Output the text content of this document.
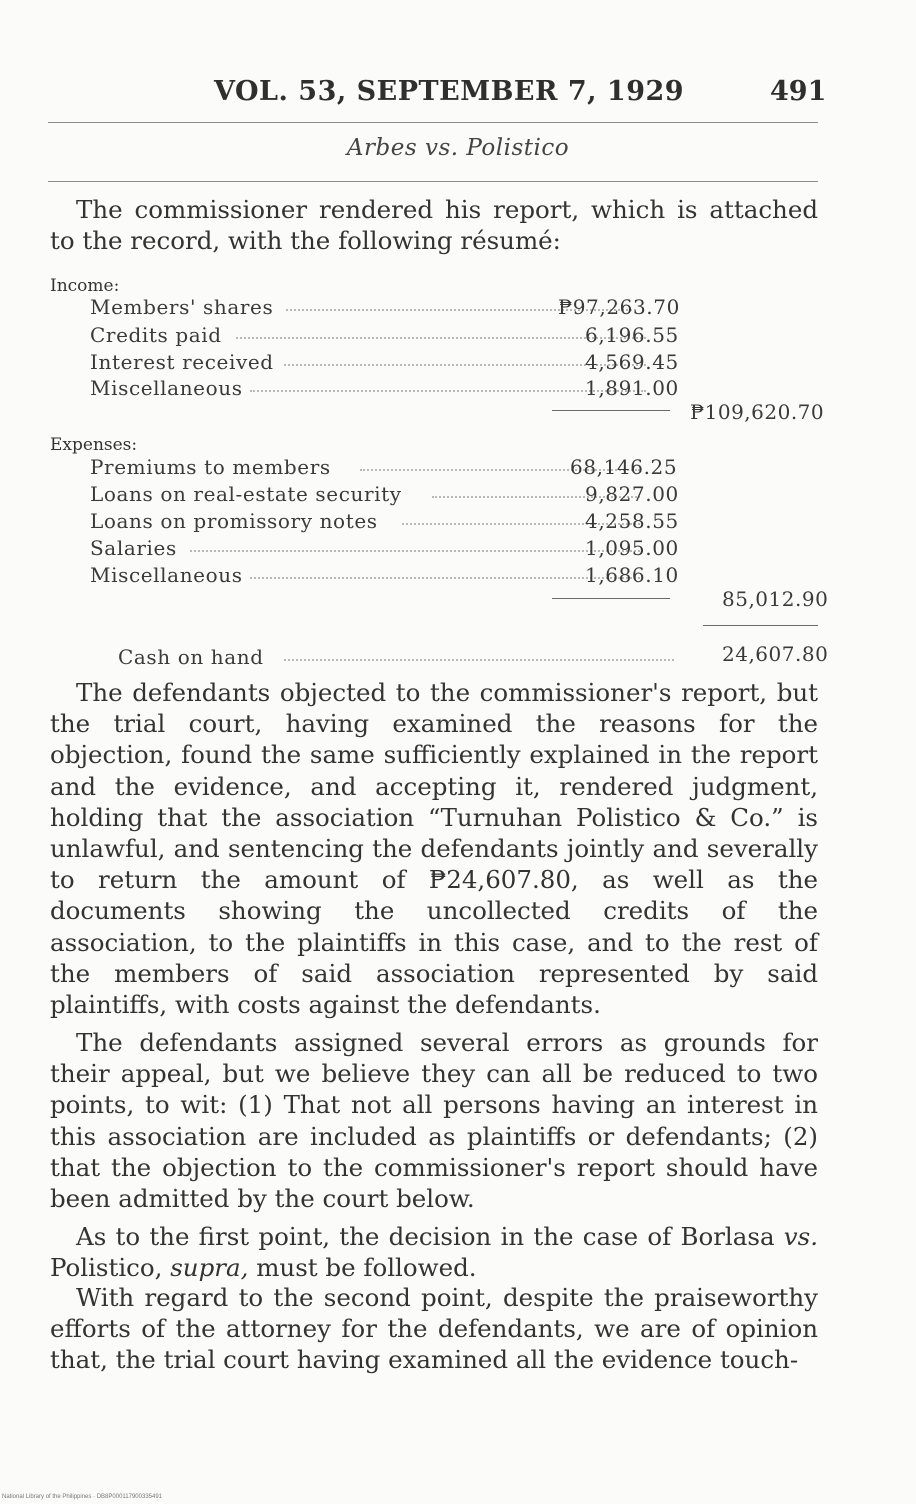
VOL. 53, SEPTEMBER 7, 1929	491
Arbes vs. Polistico
The commissioner rendered his report, which is attached to the record, with the following résumé:
Income:
Members' shares	₱97,263.70
Credits paid	6,196.55
Interest received	4,569.45
Miscellaneous	1,891.00
₱109,620.70
Expenses:
Premiums to members	68,146.25
Loans on real-estate security	9,827.00
Loans on promissory notes	4,258.55
Salaries	1,095.00
Miscellaneous	1,686.10
85,012.90
Cash on hand	24,607.80
The defendants objected to the commissioner's report, but the trial court, having examined the reasons for the objection, found the same sufficiently explained in the report and the evidence, and accepting it, rendered judgment, holding that the association “Turnuhan Polistico & Co.” is unlawful, and sentencing the defendants jointly and severally to return the amount of ₱24,607.80, as well as the documents showing the uncollected credits of the association, to the plaintiffs in this case, and to the rest of the members of said association represented by said plaintiffs, with costs against the defendants.
The defendants assigned several errors as grounds for their appeal, but we believe they can all be reduced to two points, to wit: (1) That not all persons having an interest in this association are included as plaintiffs or defendants; (2) that the objection to the commissioner's report should have been admitted by the court below.
As to the first point, the decision in the case of Borlasa vs. Polistico, supra, must be followed.
With regard to the second point, despite the praiseworthy efforts of the attorney for the defendants, we are of opinion that, the trial court having examined all the evidence touch-
National Library of the Philippines · DB8P000117900335491
